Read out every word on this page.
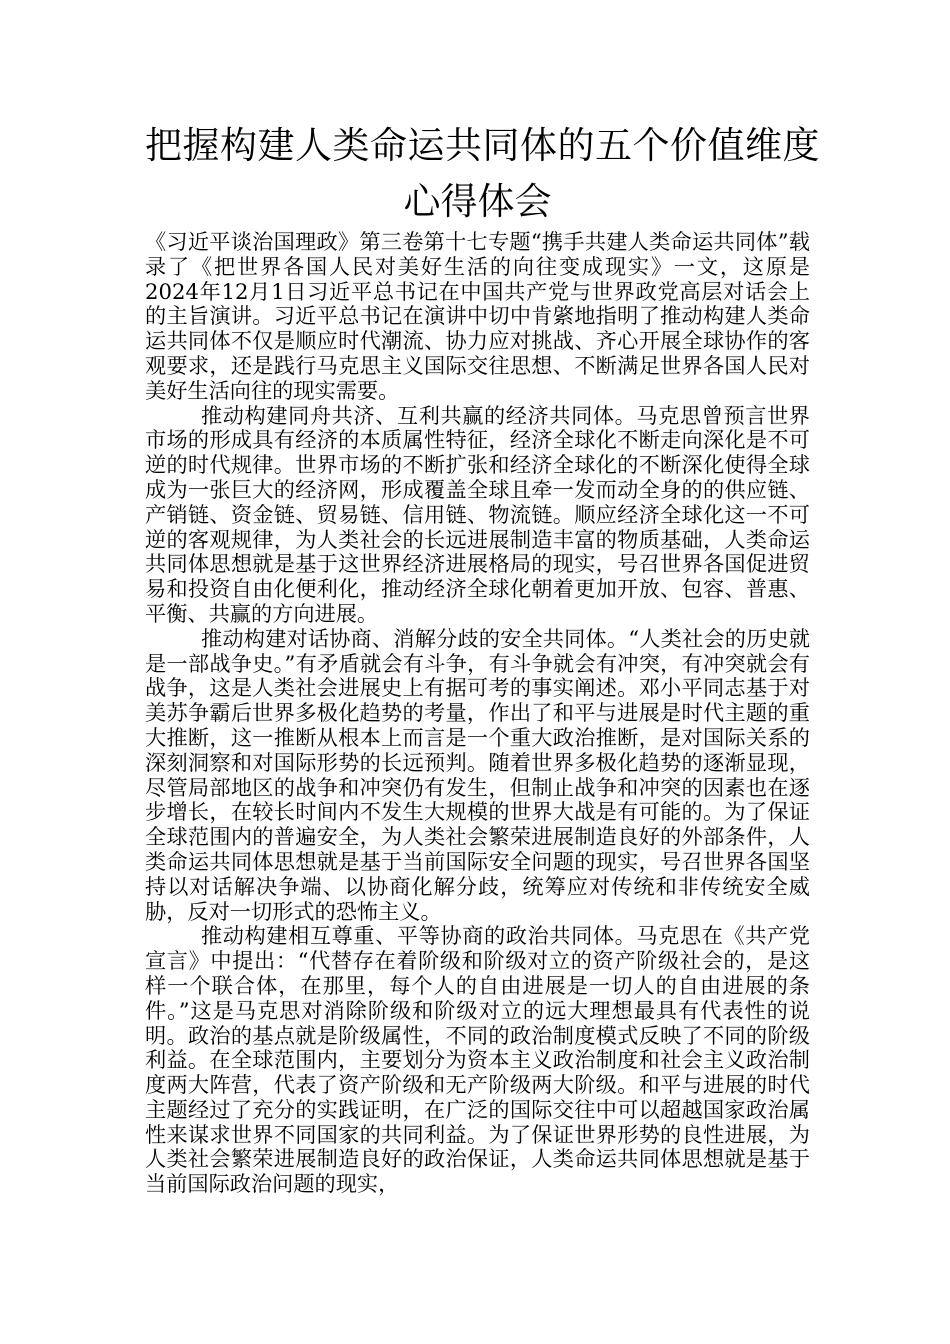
把握构建人类命运共同体的五个价值维度
心得体会

《习近平谈治国理政》第三卷第十七专题“携手共建人类命运共同体”载录了《把世界各国人民对美好生活的向往变成现实》一文，这原是2024年12月1日习近平总书记在中国共产党与世界政党高层对话会上的主旨演讲。习近平总书记在演讲中切中肯綮地指明了推动构建人类命运共同体不仅是顺应时代潮流、协力应对挑战、齐心开展全球协作的客观要求，还是践行马克思主义国际交往思想、不断满足世界各国人民对美好生活向往的现实需要。

推动构建同舟共济、互利共赢的经济共同体。马克思曾预言世界市场的形成具有经济的本质属性特征，经济全球化不断走向深化是不可逆的时代规律。世界市场的不断扩张和经济全球化的不断深化使得全球成为一张巨大的经济网，形成覆盖全球且牵一发而动全身的的供应链、产销链、资金链、贸易链、信用链、物流链。顺应经济全球化这一不可逆的客观规律，为人类社会的长远进展制造丰富的物质基础，人类命运共同体思想就是基于这世界经济进展格局的现实，号召世界各国促进贸易和投资自由化便利化，推动经济全球化朝着更加开放、包容、普惠、平衡、共赢的方向进展。

推动构建对话协商、消解分歧的安全共同体。“人类社会的历史就是一部战争史。”有矛盾就会有斗争，有斗争就会有冲突，有冲突就会有战争，这是人类社会进展史上有据可考的事实阐述。邓小平同志基于对美苏争霸后世界多极化趋势的考量，作出了和平与进展是时代主题的重大推断，这一推断从根本上而言是一个重大政治推断，是对国际关系的深刻洞察和对国际形势的长远预判。随着世界多极化趋势的逐渐显现，尽管局部地区的战争和冲突仍有发生，但制止战争和冲突的因素也在逐步增长，在较长时间内不发生大规模的世界大战是有可能的。为了保证全球范围内的普遍安全，为人类社会繁荣进展制造良好的外部条件，人类命运共同体思想就是基于当前国际安全问题的现实，号召世界各国坚持以对话解决争端、以协商化解分歧，统筹应对传统和非传统安全威胁，反对一切形式的恐怖主义。

推动构建相互尊重、平等协商的政治共同体。马克思在《共产党宣言》中提出：“代替存在着阶级和阶级对立的资产阶级社会的，是这样一个联合体，在那里，每个人的自由进展是一切人的自由进展的条件。”这是马克思对消除阶级和阶级对立的远大理想最具有代表性的说明。政治的基点就是阶级属性，不同的政治制度模式反映了不同的阶级利益。在全球范围内，主要划分为资本主义政治制度和社会主义政治制度两大阵营，代表了资产阶级和无产阶级两大阶级。和平与进展的时代主题经过了充分的实践证明，在广泛的国际交往中可以超越国家政治属性来谋求世界不同国家的共同利益。为了保证世界形势的良性进展，为人类社会繁荣进展制造良好的政治保证，人类命运共同体思想就是基于当前国际政治问题的现实，
